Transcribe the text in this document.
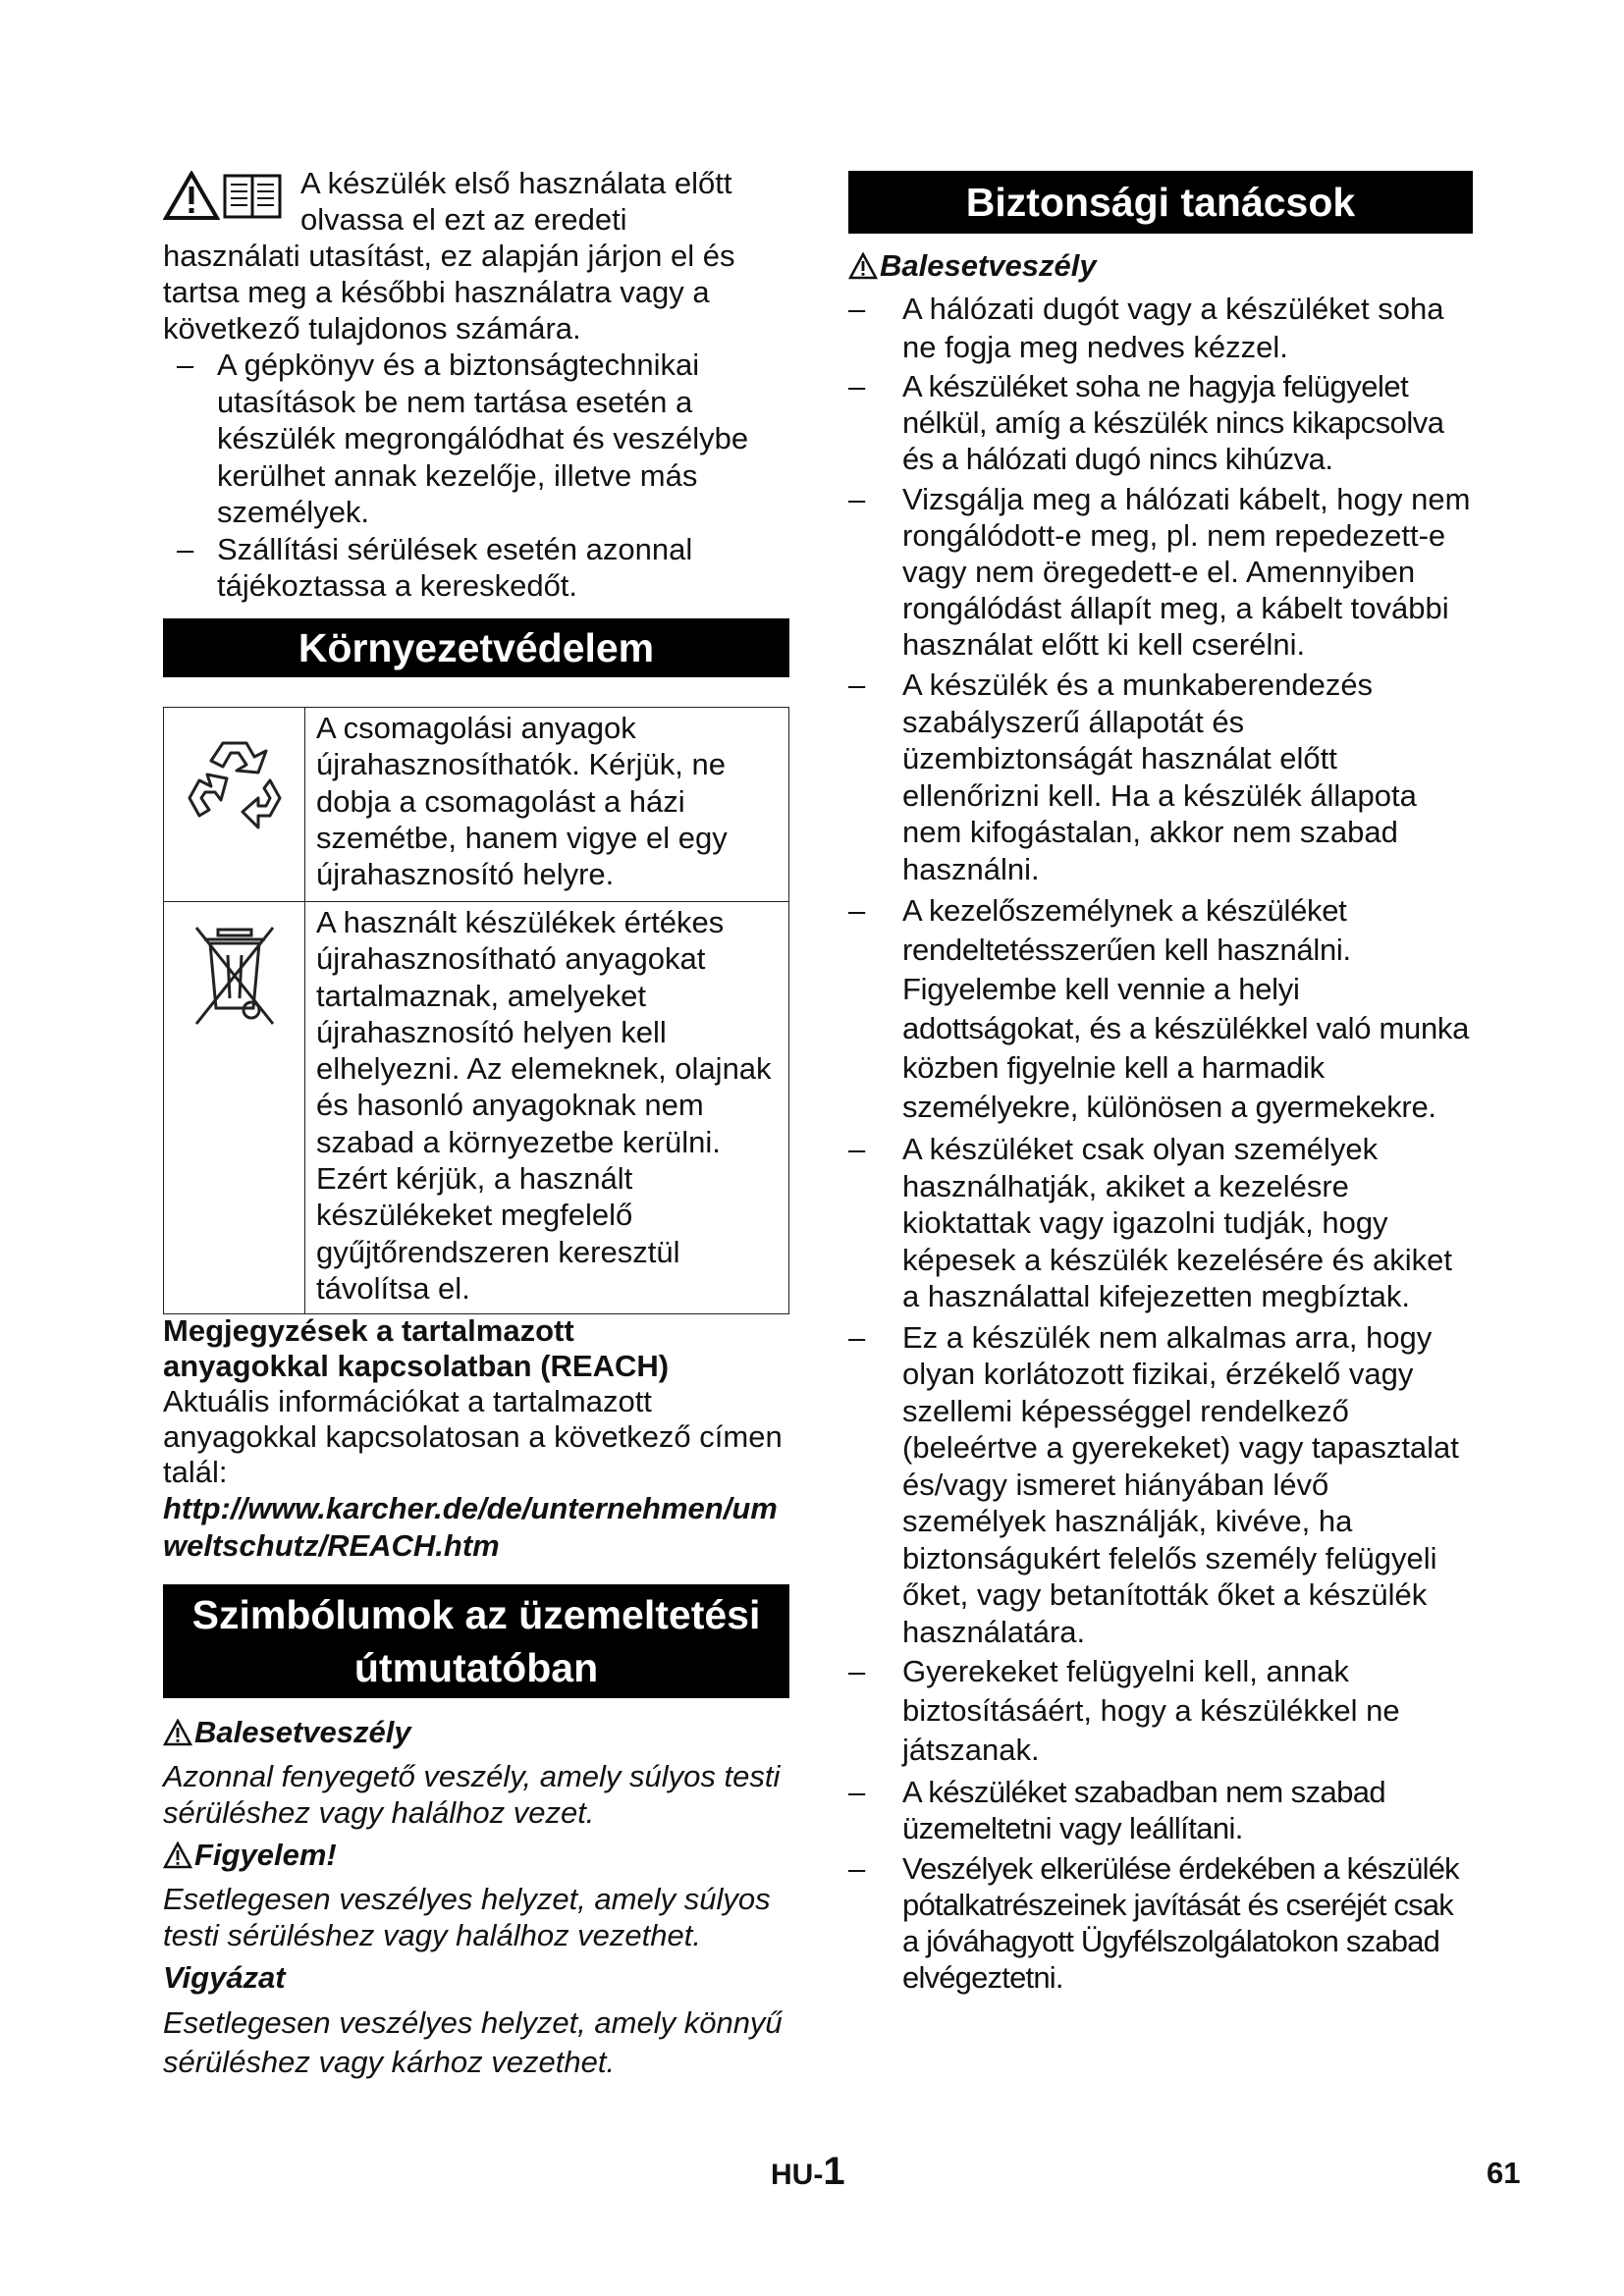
A készülék első használata előtt

olvassa el ezt az eredeti

használati utasítást, ez alapján járjon el és tartsa meg a későbbi használatra vagy a következő tulajdonos számára.

– A gépkönyv és a biztonságtechnikai utasítások be nem tartása esetén a készülék megrongálódhat és veszélybe kerülhet annak kezelője, illetve más személyek.

– Szállítási sérülések esetén azonnal tájékoztassa a kereskedőt.

Környezetvédelem
	A csomagolási anyagok újrahasznosíthatók. Kérjük, ne dobja a csomagolást a házi szemétbe, hanem vigye el egy újrahasznosító helyre.
	A használt készülékek értékes újrahasznosítható anyagokat tartalmaznak, amelyeket újrahasznosító helyen kell elhelyezni. Az elemeknek, olajnak és hasonló anyagoknak nem szabad a környezetbe kerülni. Ezért kérjük, a használt készülékeket megfelelő gyűjtőrendszeren keresztül távolítsa el.

Megjegyzések a tartalmazott anyagokkal kapcsolatban (REACH)

Aktuális információkat a tartalmazott anyagokkal kapcsolatosan a következő címen talál:

http://www.karcher.de/de/unternehmen/umweltschutz/REACH.htm

Szimbólumok az üzemeltetési útmutatóban

Balesetveszély

Azonnal fenyegető veszély, amely súlyos testi sérüléshez vagy halálhoz vezet.

Figyelem!

Esetlegesen veszélyes helyzet, amely súlyos testi sérüléshez vagy halálhoz vezethet.

Vigyázat

Esetlegesen veszélyes helyzet, amely könnyű sérüléshez vagy kárhoz vezethet.

Biztonsági tanácsok

Balesetveszély

– A hálózati dugót vagy a készüléket soha ne fogja meg nedves kézzel.

– A készüléket soha ne hagyja felügyelet nélkül, amíg a készülék nincs kikapcsolva és a hálózati dugó nincs kihúzva.

– Vizsgálja meg a hálózati kábelt, hogy nem rongálódott-e meg, pl. nem repedezett-e vagy nem öregedett-e el. Amennyiben rongálódást állapít meg, a kábelt további használat előtt ki kell cserélni.

– A készülék és a munkaberendezés szabályszerű állapotát és üzembiztonságát használat előtt ellenőrizni kell. Ha a készülék állapota nem kifogástalan, akkor nem szabad használni.

– A kezelőszemélynek a készüléket rendeltetésszerűen kell használni. Figyelembe kell vennie a helyi adottságokat, és a készülékkel való munka közben figyelnie kell a harmadik személyekre, különösen a gyermekekre.

– A készüléket csak olyan személyek használhatják, akiket a kezelésre kioktattak vagy igazolni tudják, hogy képesek a készülék kezelésére és akiket a használattal kifejezetten megbíztak.

– Ez a készülék nem alkalmas arra, hogy olyan korlátozott fizikai, érzékelő vagy szellemi képességgel rendelkező (beleértve a gyerekeket) vagy tapasztalat és/vagy ismeret hiányában lévő személyek használják, kivéve, ha biztonságukért felelős személy felügyeli őket, vagy betanították őket a készülék használatára.

– Gyerekeket felügyelni kell, annak biztosításáért, hogy a készülékkel ne játszanak.

– A készüléket szabadban nem szabad üzemeltetni vagy leállítani.

– Veszélyek elkerülése érdekében a készülék pótalkatrészeinek javítását és cseréjét csak a jóváhagyott Ügyfélszolgálatokon szabad elvégeztetni.

HU-1	61
